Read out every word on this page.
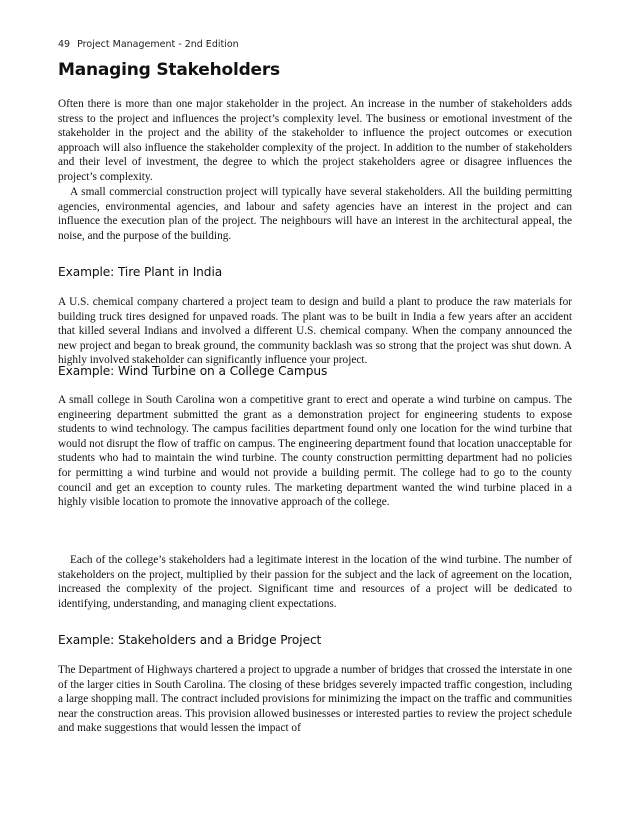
49 Project Management - 2nd Edition
Managing Stakeholders

Often there is more than one major stakeholder in the project. An increase in the number of stakeholders adds stress to the project and influences the project’s complexity level. The business or emotional investment of the stakeholder in the project and the ability of the stakeholder to influence the project outcomes or execution approach will also influence the stakeholder complexity of the project. In addition to the number of stakeholders and their level of investment, the degree to which the project stakeholders agree or disagree influences the project’s complexity.

A small commercial construction project will typically have several stakeholders. All the building permitting agencies, environmental agencies, and labour and safety agencies have an interest in the project and can influence the execution plan of the project. The neighbours will have an interest in the architectural appeal, the noise, and the purpose of the building.

Example: Tire Plant in India

A U.S. chemical company chartered a project team to design and build a plant to produce the raw materials for building truck tires designed for unpaved roads. The plant was to be built in India a few years after an accident that killed several Indians and involved a different U.S. chemical company. When the company announced the new project and began to break ground, the community backlash was so strong that the project was shut down. A highly involved stakeholder can significantly influence your project.

Example: Wind Turbine on a College Campus

A small college in South Carolina won a competitive grant to erect and operate a wind turbine on campus. The engineering department submitted the grant as a demonstration project for engineering students to expose students to wind technology. The campus facilities department found only one location for the wind turbine that would not disrupt the flow of traffic on campus. The engineering department found that location unacceptable for students who had to maintain the wind turbine. The county construction permitting department had no policies for permitting a wind turbine and would not provide a building permit. The college had to go to the county council and get an exception to county rules. The marketing department wanted the wind turbine placed in a highly visible location to promote the innovative approach of the college.

Each of the college’s stakeholders had a legitimate interest in the location of the wind turbine. The number of stakeholders on the project, multiplied by their passion for the subject and the lack of agreement on the location, increased the complexity of the project. Significant time and resources of a project will be dedicated to identifying, understanding, and managing client expectations.

Example: Stakeholders and a Bridge Project

The Department of Highways chartered a project to upgrade a number of bridges that crossed the interstate in one of the larger cities in South Carolina. The closing of these bridges severely impacted traffic congestion, including a large shopping mall. The contract included provisions for minimizing the impact on the traffic and communities near the construction areas. This provision allowed businesses or interested parties to review the project schedule and make suggestions that would lessen the impact of
